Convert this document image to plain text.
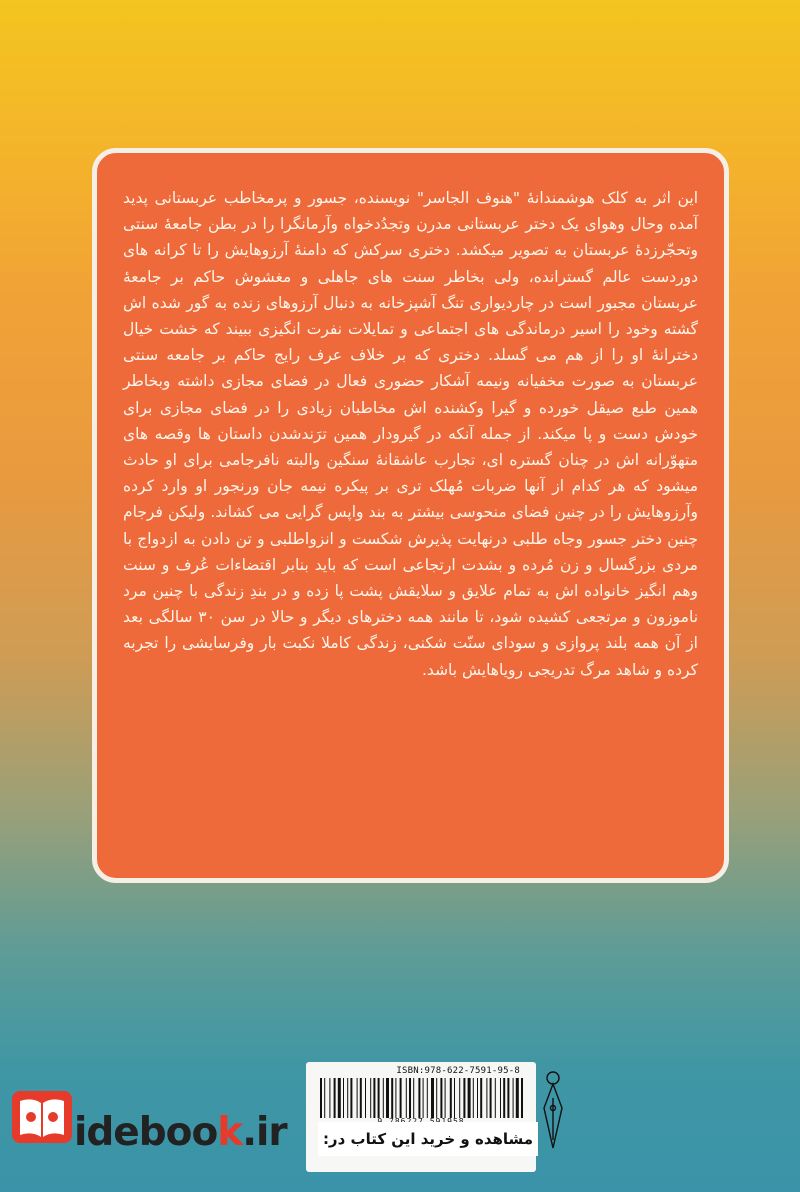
این اثر به کلک هوشمندانهٔ "هنوف الجاسر" نویسنده، جسور و پرمخاطب عربستانی پدید آمده وحال وهوای یک دختر عربستانی مدرن وتجدُدخواه وآرمانگرا را در بطن جامعهٔ سنتی وتحجّرزدهٔ عربستان به تصویر میکشد. دختری سرکش که دامنهٔ آرزوهایش را تا کرانه های دوردست عالم گسترانده، ولی بخاطر سنت های جاهلی و مغشوش حاکم بر جامعهٔ عربستان مجبور است در چاردیواری تنگ آشپزخانه به دنبال آرزوهای زنده به گور شده اش گشته وخود را اسیر درماندگی های اجتماعی و تمایلات نفرت انگیزی ببیند که خشت خیال دخترانهٔ او را از هم می گسلد. دختری که بر خلاف عرف رایج حاکم بر جامعه سنتی عربستان به صورت مخفیانه ونیمه آشکار حضوری فعال در فضای مجازی داشته وبخاطر همین طبع صیقل خورده و گیرا وکشنده اش مخاطبان زیادی را در فضای مجازی برای خودش دست و پا میکند. از جمله آنکه در گیرودار همین ترَندشدن داستان ها وقصه های متهوّرانه اش در چنان گستره ای، تجارب عاشقانهٔ سنگین والبته نافرجامی برای او حادث میشود که هر کدام از آنها ضربات مُهلک تری بر پیکره نیمه جان ورنجور او وارد کرده وآرزوهایش را در چنین فضای منحوسی بیشتر به بند واپس گرایی می کشاند. ولیکن فرجام چنین دختر جسور وجاه طلبی درنهایت پذیرش شکست و انزواطلبی و تن دادن به ازدواج با مردی بزرگسال و زن مُرده و بشدت ارتجاعی است که باید بنابر اقتضاءات عُرف و سنت وهم انگیز خانواده اش به تمام علایق و سلایقش پشت پا زده و در بندِ زندگی با چنین مرد ناموزون و مرتجعی کشیده شود، تا مانند همه دخترهای دیگر و حالا در سن ۳۰ سالگی بعد از آن همه بلند پروازی و سودای سنّت شکنی، زندگی کاملا نکبت بار وفرسایشی را تجربه کرده و شاهد مرگ تدریجی رویاهایش باشد.

ISBN:978-622-7591-95-8
مشاهده و خرید این کتاب در:
idebook.ir
